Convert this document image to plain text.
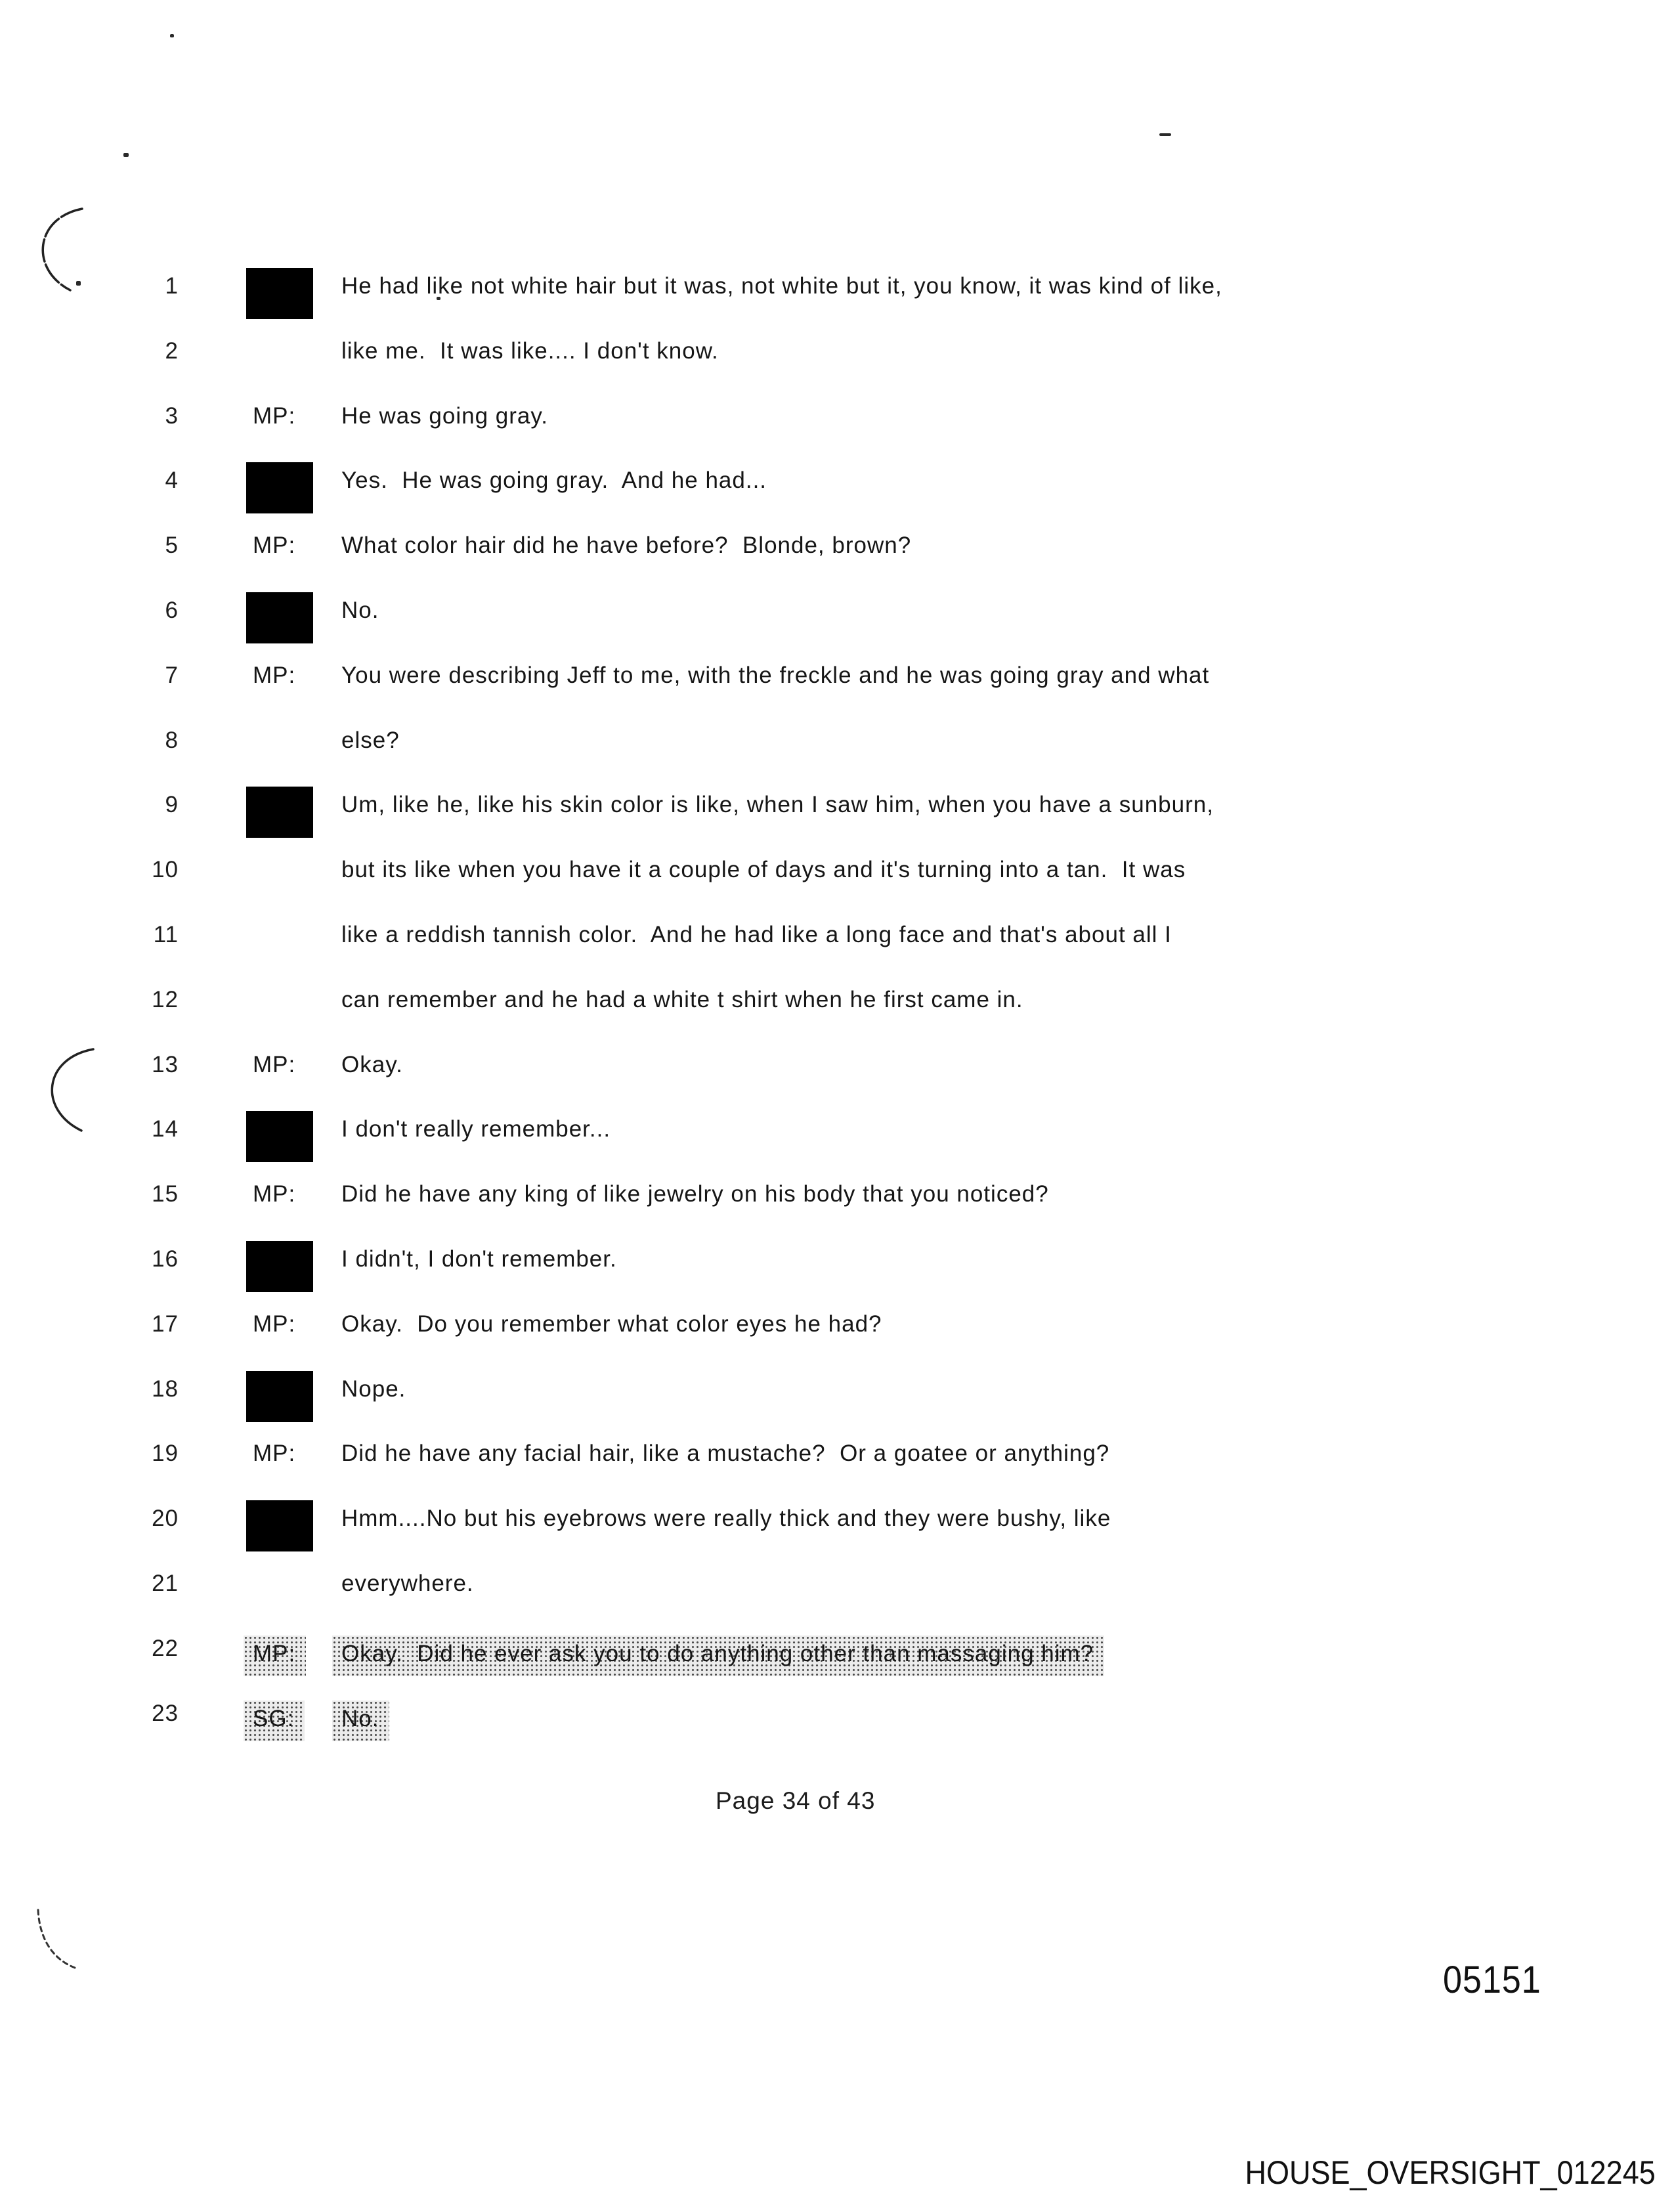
1	He had like not white hair but it was, not white but it, you know, it was kind of like,
2	like me.  It was like.... I don't know.
3	MP: He was going gray.
4	Yes.  He was going gray.  And he had...
5	MP: What color hair did he have before?  Blonde, brown?
6	No.
7	MP: You were describing Jeff to me, with the freckle and he was going gray and what
8	else?
9	Um, like he, like his skin color is like, when I saw him, when you have a sunburn,
10	but its like when you have it a couple of days and it's turning into a tan.  It was
11	like a reddish tannish color.  And he had like a long face and that's about all I
12	can remember and he had a white t shirt when he first came in.
13	MP: Okay.
14	I don't really remember...
15	MP: Did he have any king of like jewelry on his body that you noticed?
16	I didn't, I don't remember.
17	MP: Okay.  Do you remember what color eyes he had?
18	Nope.
19	MP: Did he have any facial hair, like a mustache?  Or a goatee or anything?
20	Hmm....No but his eyebrows were really thick and they were bushy, like
21	everywhere.
22	MP:	Okay.  Did he ever ask you to do anything other than massaging him?
23	SG:	No.
Page 34 of 43
05151
HOUSE_OVERSIGHT_012245
